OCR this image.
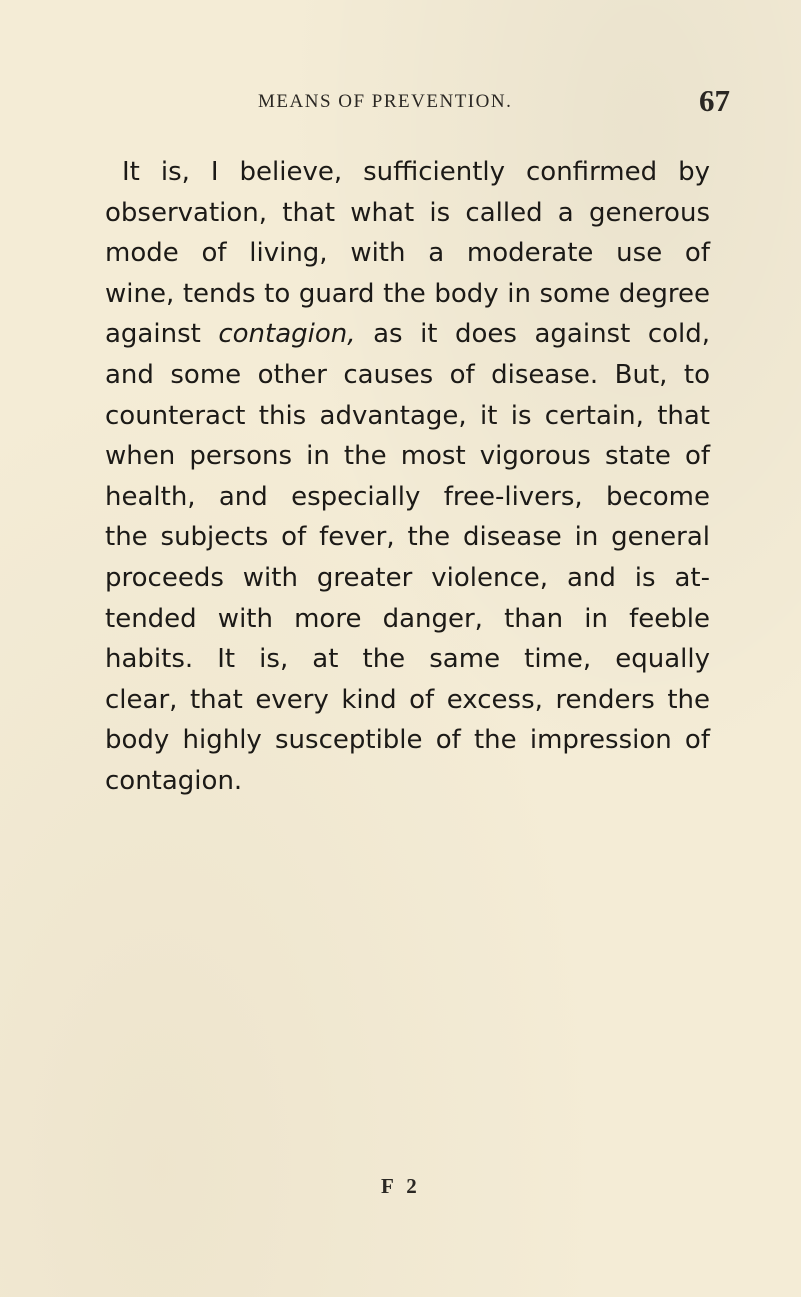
MEANS OF PREVENTION.	67
It is, I believe, sufficiently confirmed by
observation, that what is called a generous
mode of living, with a moderate use of
wine, tends to guard the body in some degree
against contagion, as it does against cold,
and some other causes of disease. But, to
counteract this advantage, it is certain, that
when persons in the most vigorous state of
health, and especially free-livers, become
the subjects of fever, the disease in general
proceeds with greater violence, and is at-
tended with more danger, than in feeble
habits. It is, at the same time, equally
clear, that every kind of excess, renders the
body highly susceptible of the impression of
contagion.
F 2
